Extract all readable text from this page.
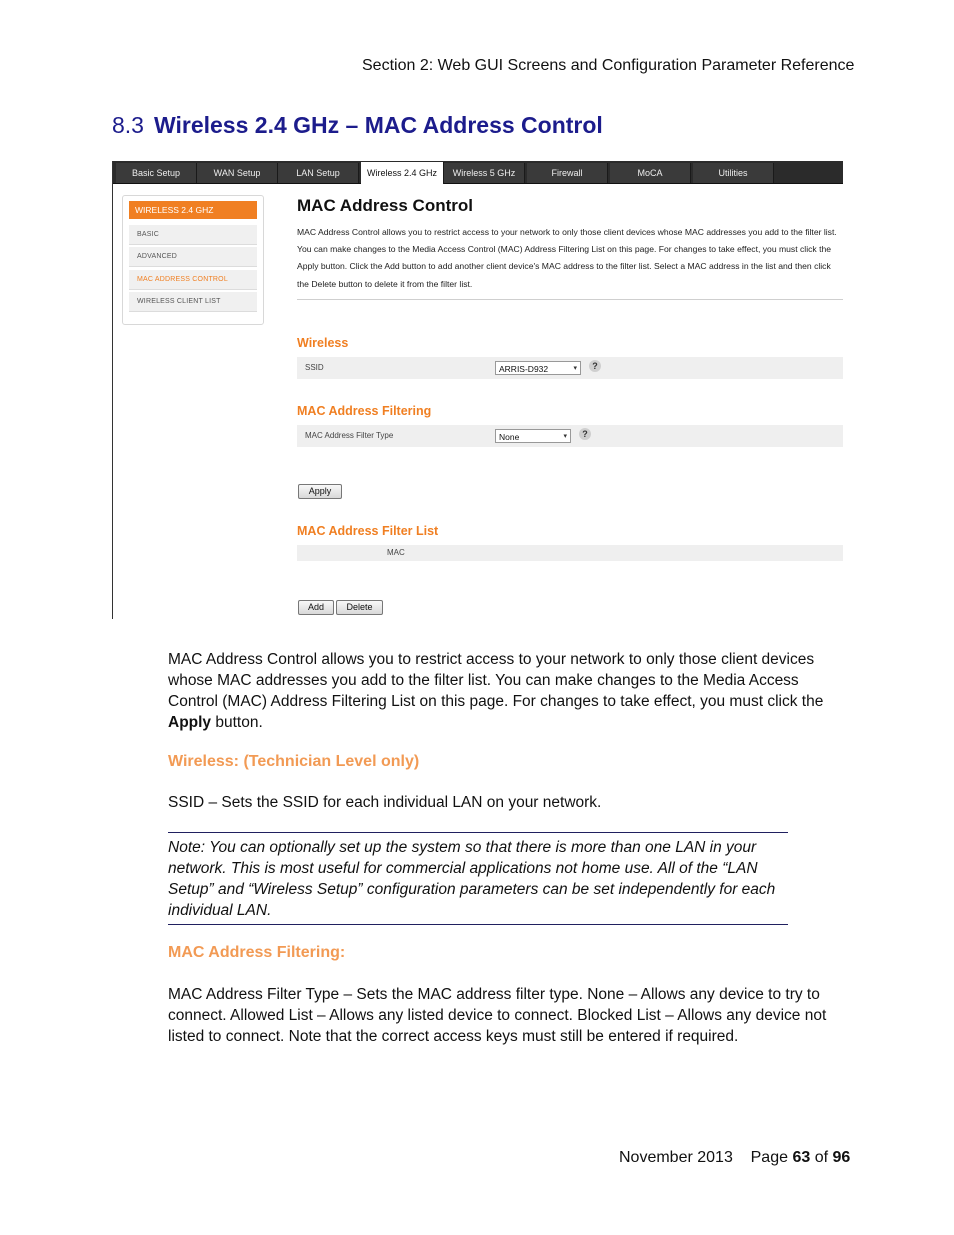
Section 2: Web GUI Screens and Configuration Parameter Reference
8.3 Wireless 2.4 GHz – MAC Address Control
Basic Setup	WAN Setup	LAN Setup	Wireless 2.4 GHz	Wireless 5 GHz	Firewall	MoCA	Utilities
WIRELESS 2.4 GHZ
BASIC
ADVANCED
MAC ADDRESS CONTROL
WIRELESS CLIENT LIST
MAC Address Control
MAC Address Control allows you to restrict access to your network to only those client devices whose MAC addresses you add to the filter list. You can make changes to the Media Access Control (MAC) Address Filtering List on this page. For changes to take effect, you must click the Apply button. Click the Add button to add another client device's MAC address to the filter list. Select a MAC address in the list and then click the Delete button to delete it from the filter list.
Wireless
SSID	ARRIS-D932	▾	?
MAC Address Filtering
MAC Address Filter Type	None	▾	?
Apply
MAC Address Filter List
MAC
Add	Delete
MAC Address Control allows you to restrict access to your network to only those client devices whose MAC addresses you add to the filter list. You can make changes to the Media Access Control (MAC) Address Filtering List on this page. For changes to take effect, you must click the Apply button.
Wireless: (Technician Level only)
SSID – Sets the SSID for each individual LAN on your network.
Note: You can optionally set up the system so that there is more than one LAN in your network. This is most useful for commercial applications not home use. All of the “LAN Setup” and “Wireless Setup” configuration parameters can be set independently for each individual LAN.
MAC Address Filtering:
MAC Address Filter Type – Sets the MAC address filter type. None – Allows any device to try to connect. Allowed List – Allows any listed device to connect. Blocked List – Allows any device not listed to connect. Note that the correct access keys must still be entered if required.
November 2013 Page 63 of 96
